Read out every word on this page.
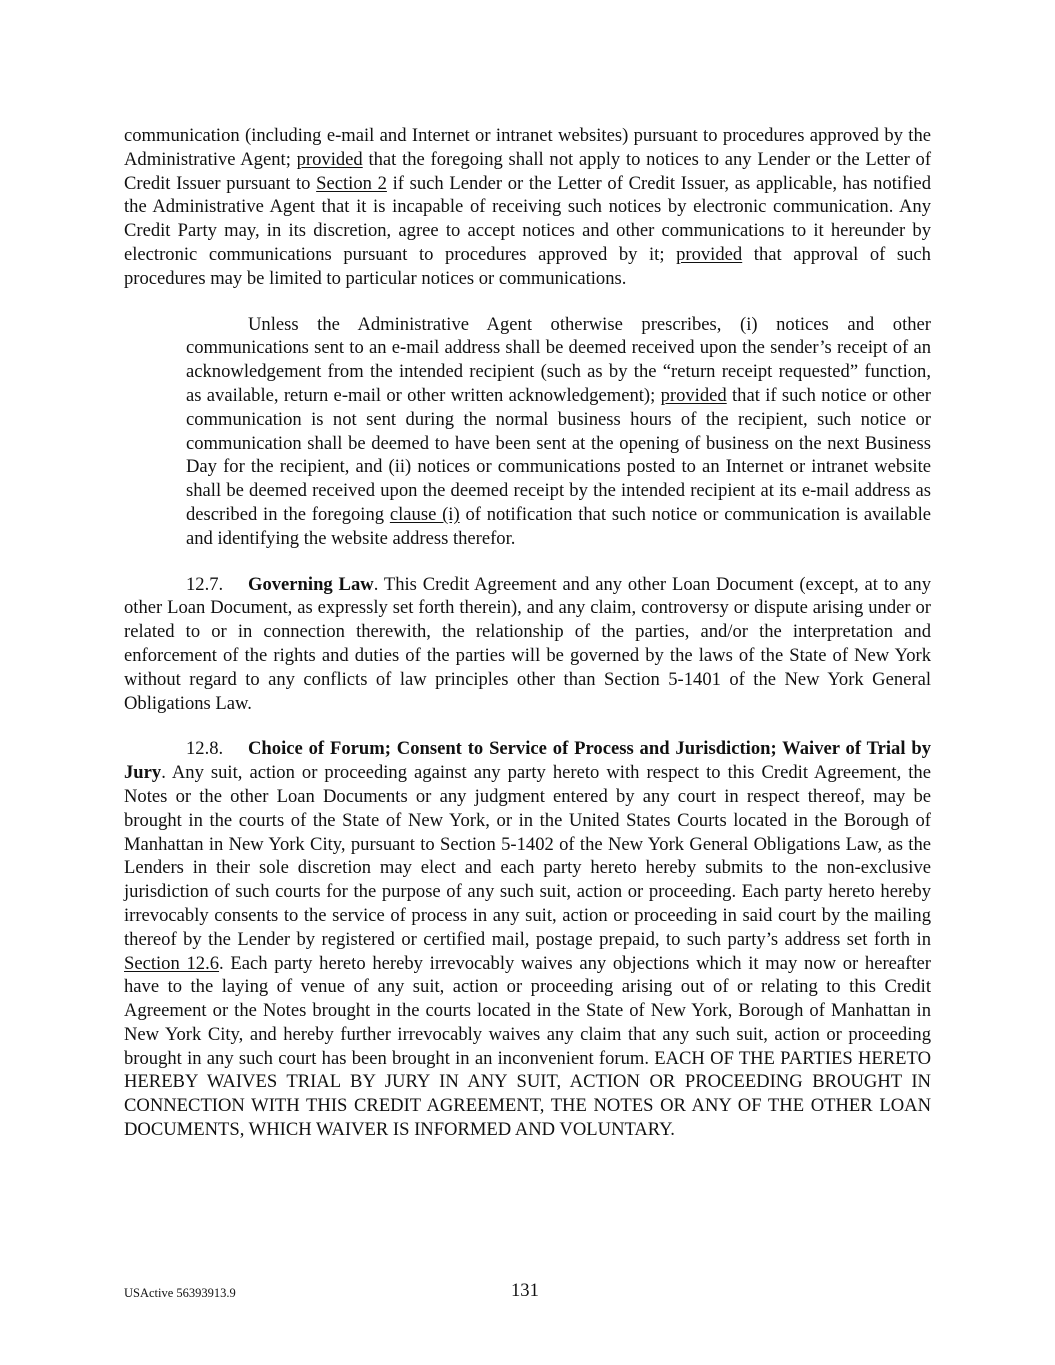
communication (including e-mail and Internet or intranet websites) pursuant to procedures approved by the Administrative Agent; provided that the foregoing shall not apply to notices to any Lender or the Letter of Credit Issuer pursuant to Section 2 if such Lender or the Letter of Credit Issuer, as applicable, has notified the Administrative Agent that it is incapable of receiving such notices by electronic communication. Any Credit Party may, in its discretion, agree to accept notices and other communications to it hereunder by electronic communications pursuant to procedures approved by it; provided that approval of such procedures may be limited to particular notices or communications.

Unless the Administrative Agent otherwise prescribes, (i) notices and other communications sent to an e-mail address shall be deemed received upon the sender’s receipt of an acknowledgement from the intended recipient (such as by the “return receipt requested” function, as available, return e-mail or other written acknowledgement); provided that if such notice or other communication is not sent during the normal business hours of the recipient, such notice or communication shall be deemed to have been sent at the opening of business on the next Business Day for the recipient, and (ii) notices or communications posted to an Internet or intranet website shall be deemed received upon the deemed receipt by the intended recipient at its e-mail address as described in the foregoing clause (i) of notification that such notice or communication is available and identifying the website address therefor.

12.7. Governing Law. This Credit Agreement and any other Loan Document (except, at to any other Loan Document, as expressly set forth therein), and any claim, controversy or dispute arising under or related to or in connection therewith, the relationship of the parties, and/or the interpretation and enforcement of the rights and duties of the parties will be governed by the laws of the State of New York without regard to any conflicts of law principles other than Section 5-1401 of the New York General Obligations Law.

12.8. Choice of Forum; Consent to Service of Process and Jurisdiction; Waiver of Trial by Jury. Any suit, action or proceeding against any party hereto with respect to this Credit Agreement, the Notes or the other Loan Documents or any judgment entered by any court in respect thereof, may be brought in the courts of the State of New York, or in the United States Courts located in the Borough of Manhattan in New York City, pursuant to Section 5-1402 of the New York General Obligations Law, as the Lenders in their sole discretion may elect and each party hereto hereby submits to the non-exclusive jurisdiction of such courts for the purpose of any such suit, action or proceeding. Each party hereto hereby irrevocably consents to the service of process in any suit, action or proceeding in said court by the mailing thereof by the Lender by registered or certified mail, postage prepaid, to such party’s address set forth in Section 12.6. Each party hereto hereby irrevocably waives any objections which it may now or hereafter have to the laying of venue of any suit, action or proceeding arising out of or relating to this Credit Agreement or the Notes brought in the courts located in the State of New York, Borough of Manhattan in New York City, and hereby further irrevocably waives any claim that any such suit, action or proceeding brought in any such court has been brought in an inconvenient forum. EACH OF THE PARTIES HERETO HEREBY WAIVES TRIAL BY JURY IN ANY SUIT, ACTION OR PROCEEDING BROUGHT IN CONNECTION WITH THIS CREDIT AGREEMENT, THE NOTES OR ANY OF THE OTHER LOAN DOCUMENTS, WHICH WAIVER IS INFORMED AND VOLUNTARY.

USActive 56393913.9	131
